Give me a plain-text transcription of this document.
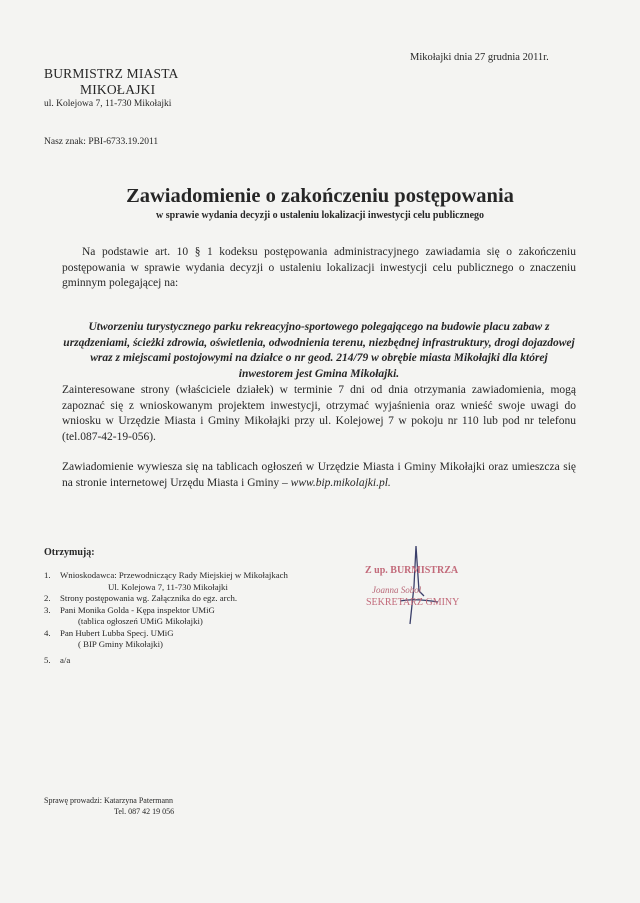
Mikołajki dnia 27 grudnia 2011r.
BURMISTRZ MIASTA
MIKOŁAJKI
ul. Kolejowa 7, 11-730 Mikołajki
Nasz znak: PBI-6733.19.2011
Zawiadomienie o zakończeniu postępowania
w sprawie wydania decyzji o ustaleniu lokalizacji inwestycji celu publicznego
Na podstawie art. 10 § 1 kodeksu postępowania administracyjnego zawiadamia się o zakończeniu postępowania w sprawie wydania decyzji o ustaleniu lokalizacji inwestycji celu publicznego o znaczeniu gminnym polegającej na:
Utworzeniu turystycznego parku rekreacyjno-sportowego polegającego na budowie placu zabaw z urządzeniami, ścieżki zdrowia, oświetlenia, odwodnienia terenu, niezbędnej infrastruktury, drogi dojazdowej wraz z miejscami postojowymi na działce o nr geod. 214/79 w obrębie miasta Mikołajki dla której inwestorem jest Gmina Mikołajki.
Zainteresowane strony (właściciele działek) w terminie 7 dni od dnia otrzymania zawiadomienia, mogą zapoznać się z wnioskowanym projektem inwestycji, otrzymać wyjaśnienia oraz wnieść swoje uwagi do wniosku w Urzędzie Miasta i Gminy Mikołajki przy ul. Kolejowej 7 w pokoju nr 110 lub pod nr telefonu (tel.087-42-19-056).
Zawiadomienie wywiesza się na tablicach ogłoszeń w Urzędzie Miasta i Gminy Mikołajki oraz umieszcza się na stronie internetowej Urzędu Miasta i Gminy – www.bip.mikolajki.pl.
Otrzymują:
1.	Wnioskodawca: Przewodniczący Rady Miejskiej w Mikołajkach
Ul. Kolejowa 7, 11-730 Mikołajki
2.	Strony postępowania wg. Załącznika do egz. arch.
3.	Pani Monika Golda - Kępa inspektor UMiG
(tablica ogłoszeń UMiG Mikołajki)
4.	Pan Hubert Lubba Specj. UMiG
( BIP Gminy Mikołajki)
5.	a/a
Z up. BURMISTRZA
Joanna Sobol
SEKRETARZ GMINY
Sprawę prowadzi: Katarzyna Patermann
Tel. 087 42 19 056
